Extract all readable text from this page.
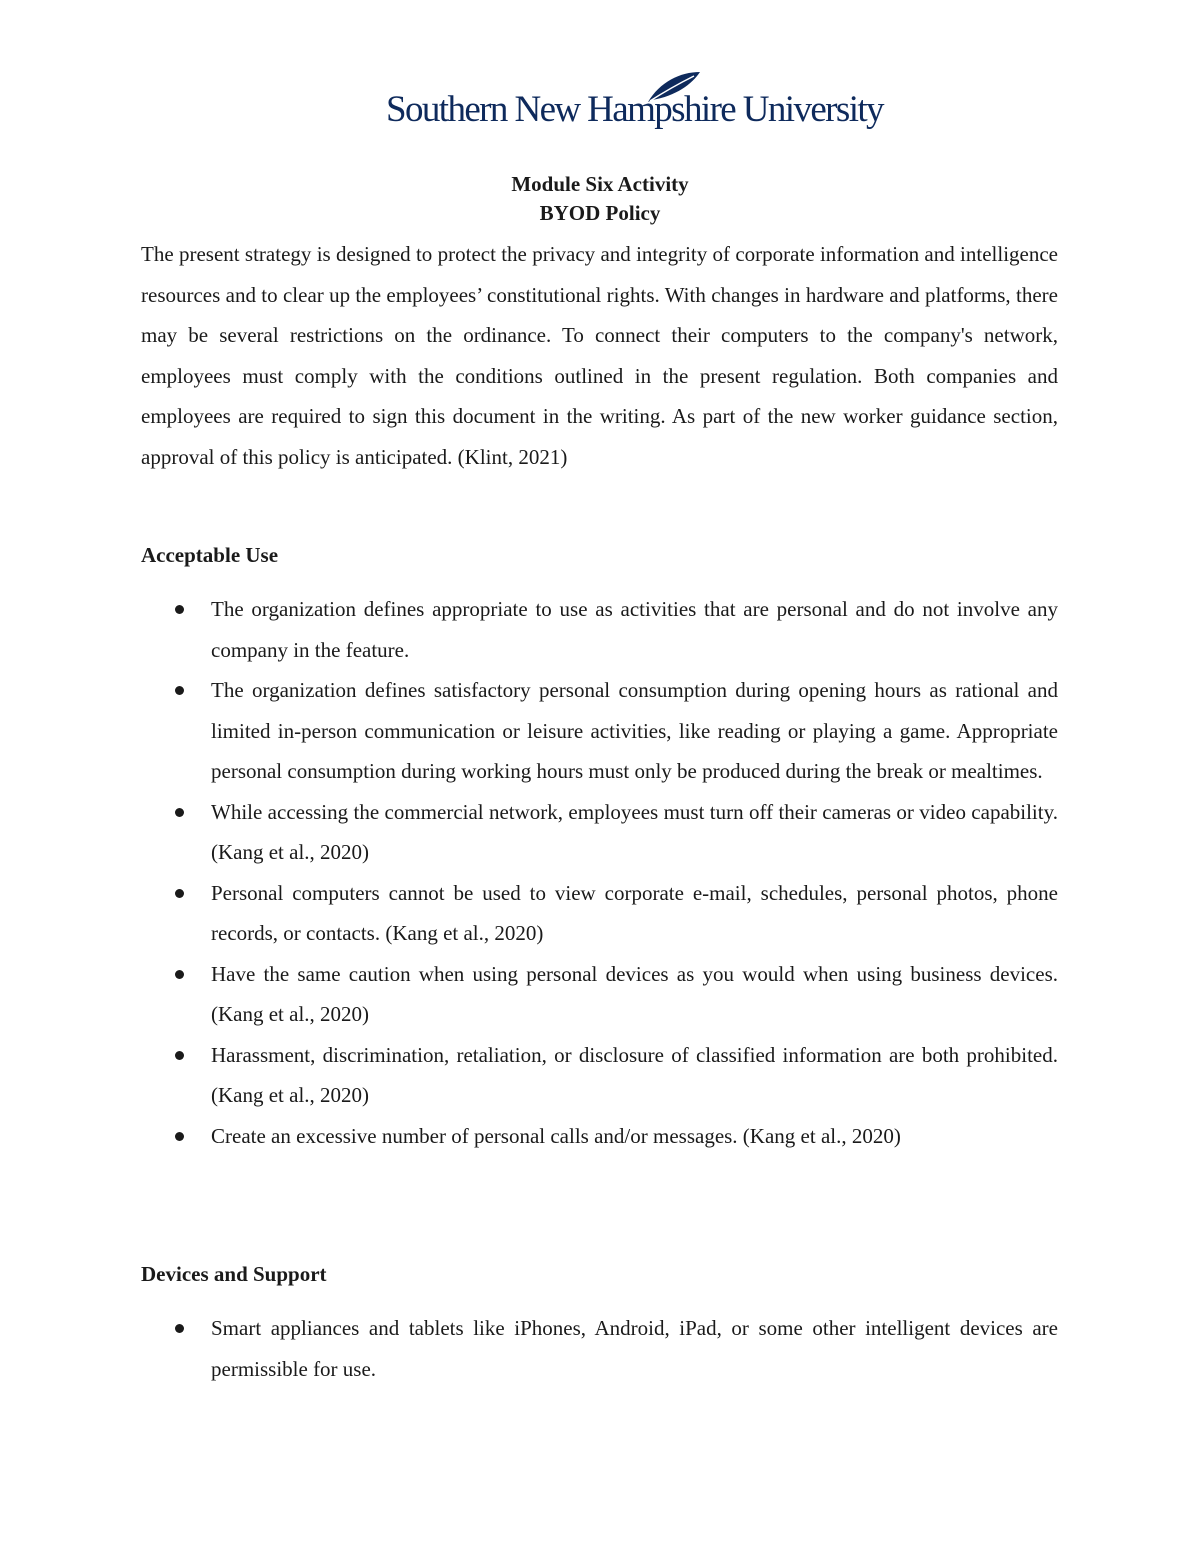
Southern New Hampshire University
Module Six Activity
BYOD Policy

The present strategy is designed to protect the privacy and integrity of corporate information and intelligence resources and to clear up the employees’ constitutional rights. With changes in hardware and platforms, there may be several restrictions on the ordinance. To connect their computers to the company's network, employees must comply with the conditions outlined in the present regulation. Both companies and employees are required to sign this document in the writing. As part of the new worker guidance section, approval of this policy is anticipated. (Klint, 2021)

Acceptable Use
The organization defines appropriate to use as activities that are personal and do not involve any company in the feature.
The organization defines satisfactory personal consumption during opening hours as rational and limited in-person communication or leisure activities, like reading or playing a game. Appropriate personal consumption during working hours must only be produced during the break or mealtimes.
While accessing the commercial network, employees must turn off their cameras or video capability. (Kang et al., 2020)
Personal computers cannot be used to view corporate e-mail, schedules, personal photos, phone records, or contacts. (Kang et al., 2020)
Have the same caution when using personal devices as you would when using business devices. (Kang et al., 2020)
Harassment, discrimination, retaliation, or disclosure of classified information are both prohibited. (Kang et al., 2020)
Create an excessive number of personal calls and/or messages. (Kang et al., 2020)
Devices and Support
Smart appliances and tablets like iPhones, Android, iPad, or some other intelligent devices are permissible for use.
